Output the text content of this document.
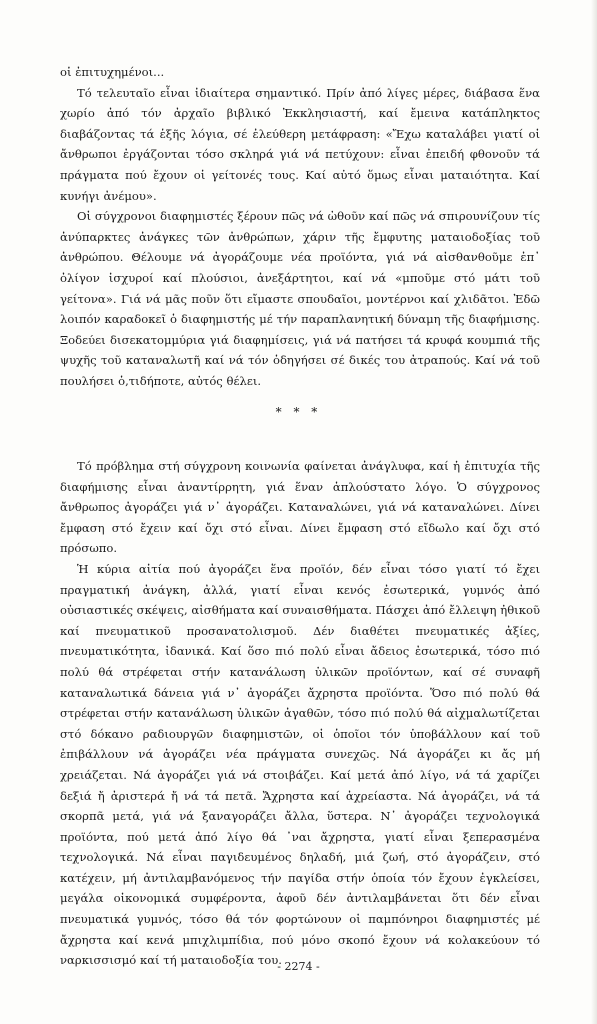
οἱ ἐπιτυχημένοι...

Τό τελευταῖο εἶναι ἰδιαίτερα σημαντικό. Πρίν ἀπό λίγες μέρες, διάβασα ἕνα χωρίο ἀπό τόν ἀρχαῖο βιβλικό Ἐκκλησιαστή, καί ἔμεινα κατάπληκτος διαβάζοντας τά ἑξῆς λόγια, σέ ἐλεύθερη μετάφραση: «Ἔχω καταλάβει γιατί οἱ ἄνθρωποι ἐργάζονται τόσο σκληρά γιά νά πετύχουν: εἶναι ἐπειδή φθονοῦν τά πράγματα πού ἔχουν οἱ γείτονές τους. Καί αὐτό ὅμως εἶναι ματαιότητα. Καί κυνήγι ἀνέμου».

Οἱ σύγχρονοι διαφημιστές ξέρουν πῶς νά ὠθοῦν καί πῶς νά σπιρουνίζουν τίς ἀνύπαρκτες ἀνάγκες τῶν ἀνθρώπων, χάριν τῆς ἔμφυτης ματαιοδοξίας τοῦ ἀνθρώπου. Θέλουμε νά ἀγοράζουμε νέα προϊόντα, γιά νά αἰσθανθοῦμε ἐπ᾽ ὀλίγον ἰσχυροί καί πλούσιοι, ἀνεξάρτητοι, καί νά «μποῦμε στό μάτι τοῦ γείτονα». Γιά νά μᾶς ποῦν ὅτι εἴμαστε σπουδαῖοι, μοντέρνοι καί χλιδᾶτοι. Ἐδῶ λοιπόν καραδοκεῖ ὁ διαφημιστής μέ τήν παραπλανητική δύναμη τῆς διαφήμισης. Ξοδεύει δισεκατομμύρια γιά διαφημίσεις, γιά νά πατήσει τά κρυφά κουμπιά τῆς ψυχῆς τοῦ καταναλωτῆ καί νά τόν ὁδηγήσει σέ δικές του ἀτραπούς. Καί νά τοῦ πουλήσει ὁ,τιδήποτε, αὐτός θέλει.

* * *

Τό πρόβλημα στή σύγχρονη κοινωνία φαίνεται ἀνάγλυφα, καί ἡ ἐπιτυχία τῆς διαφήμισης εἶναι ἀναντίρρητη, γιά ἕναν ἁπλούστατο λόγο. Ὁ σύγχρονος ἄνθρωπος ἀγοράζει γιά ν᾽ ἀγοράζει. Καταναλώνει, γιά νά καταναλώνει. Δίνει ἔμφαση στό ἔχειν καί ὄχι στό εἶναι. Δίνει ἔμφαση στό εἴδωλο καί ὄχι στό πρόσωπο.

Ἡ κύρια αἰτία πού ἀγοράζει ἕνα προϊόν, δέν εἶναι τόσο γιατί τό ἔχει πραγματική ἀνάγκη, ἀλλά, γιατί εἶναι κενός ἐσωτερικά, γυμνός ἀπό οὐσιαστικές σκέψεις, αἰσθήματα καί συναισθήματα. Πάσχει ἀπό ἔλλειψη ἠθικοῦ καί πνευματικοῦ προσανατολισμοῦ. Δέν διαθέτει πνευματικές ἀξίες, πνευματικότητα, ἰδανικά. Καί ὅσο πιό πολύ εἶναι ἄδειος ἐσωτερικά, τόσο πιό πολύ θά στρέφεται στήν κατανάλωση ὑλικῶν προϊόντων, καί σέ συναφῆ καταναλωτικά δάνεια γιά ν᾽ ἀγοράζει ἄχρηστα προϊόντα. Ὅσο πιό πολύ θά στρέφεται στήν κατανάλωση ὑλικῶν ἀγαθῶν, τόσο πιό πολύ θά αἰχμαλωτίζεται στό δόκανο ραδιουργῶν διαφημιστῶν, οἱ ὁποῖοι τόν ὑποβάλλουν καί τοῦ ἐπιβάλλουν νά ἀγοράζει νέα πράγματα συνεχῶς. Νά ἀγοράζει κι ἄς μή χρειάζεται. Νά ἀγοράζει γιά νά στοιβάζει. Καί μετά ἀπό λίγο, νά τά χαρίζει δεξιά ἤ ἀριστερά ἤ νά τά πετᾶ. Ἄχρηστα καί ἀχρείαστα. Νά ἀγοράζει, νά τά σκορπᾶ μετά, γιά νά ξαναγοράζει ἄλλα, ὕστερα. Ν᾽ ἀγοράζει τεχνολογικά προϊόντα, πού μετά ἀπό λίγο θά ᾽ναι ἄχρηστα, γιατί εἶναι ξεπερασμένα τεχνολογικά. Νά εἶναι παγιδευμένος δηλαδή, μιά ζωή, στό ἀγοράζειν, στό κατέχειν, μή ἀντιλαμβανόμενος τήν παγίδα στήν ὁποία τόν ἔχουν ἐγκλείσει, μεγάλα οἰκονομικά συμφέροντα, ἀφοῦ δέν ἀντιλαμβάνεται ὅτι δέν εἶναι πνευματικά γυμνός, τόσο θά τόν φορτώνουν οἱ παμπόνηροι διαφημιστές μέ ἄχρηστα καί κενά μπιχλιμπίδια, πού μόνο σκοπό ἔχουν νά κολακεύουν τό ναρκισσισμό καί τή ματαιοδοξία του.

- 2274 -
